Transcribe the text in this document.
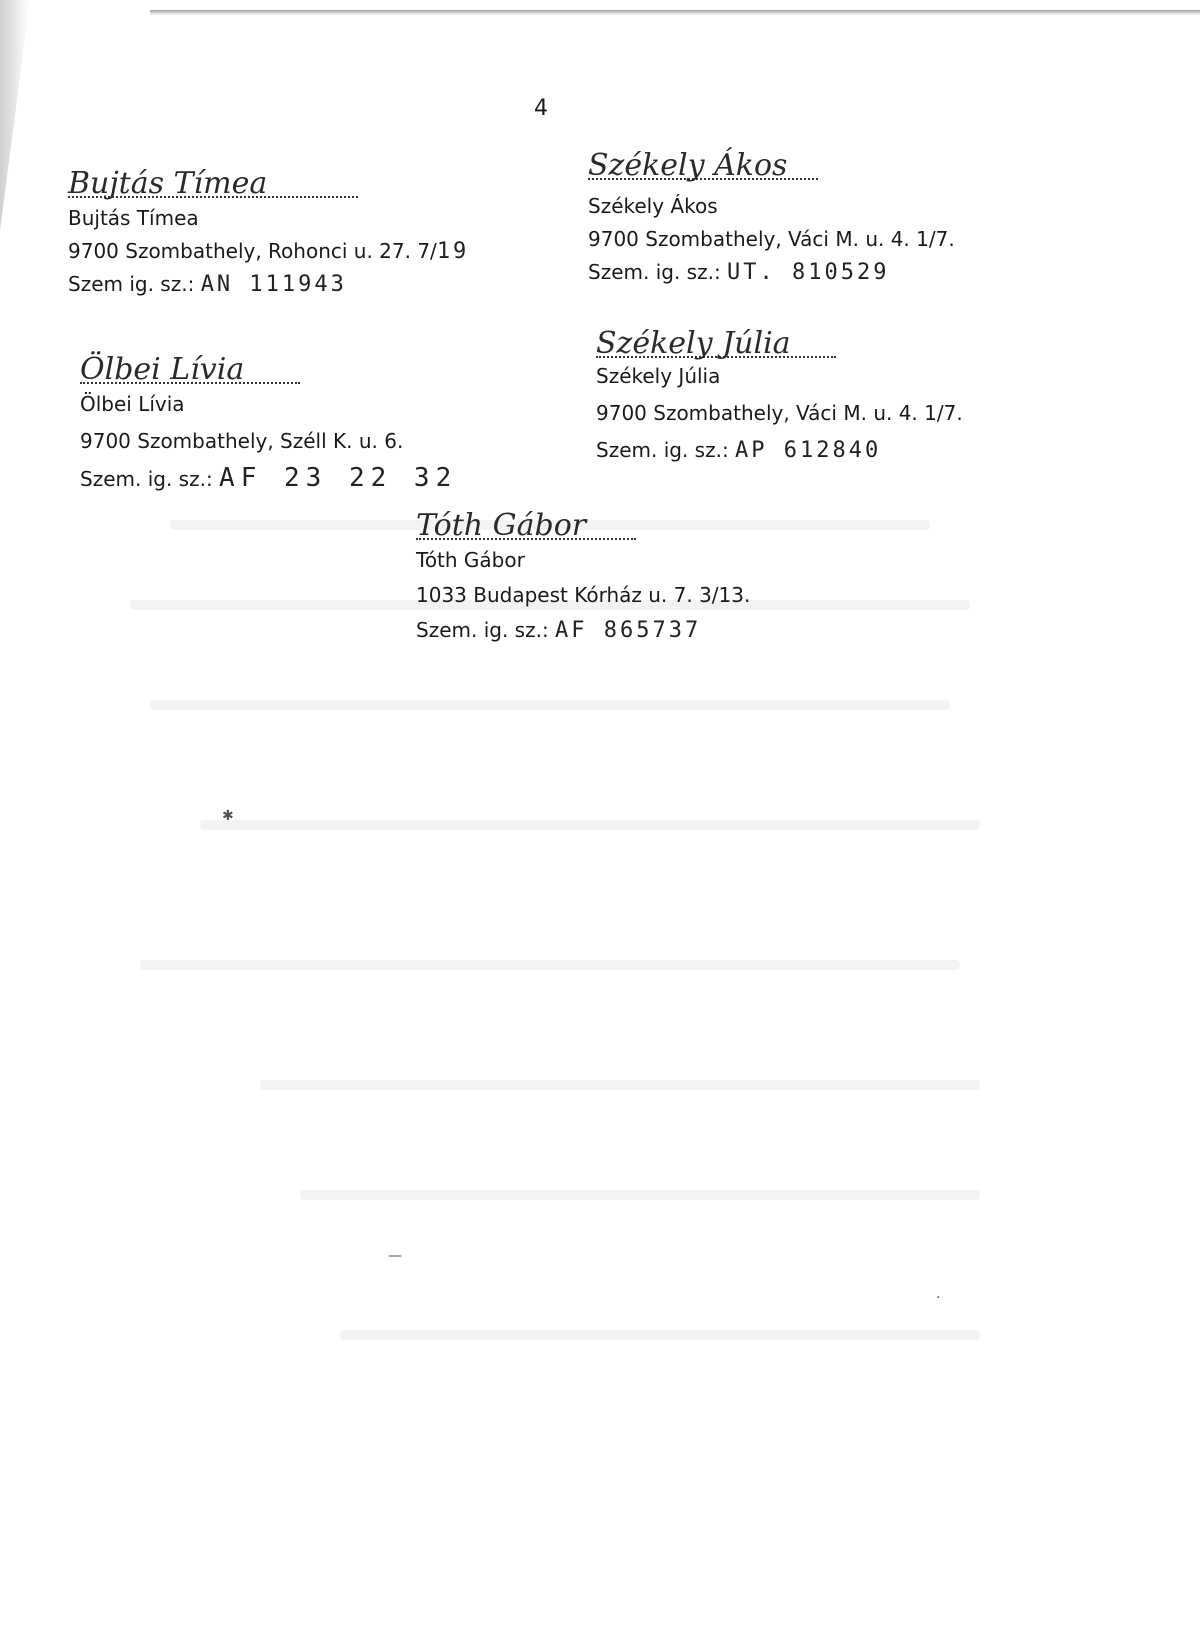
4
Bujtás Tímea
Bujtás Tímea
9700 Szombathely, Rohonci u. 27. 7/19
Szem ig. sz.: AN 111943
Székely Ákos
Székely Ákos
9700 Szombathely, Váci M. u. 4. 1/7.
Szem. ig. sz.: UT. 810529
Ölbei Lívia
Ölbei Lívia
9700 Szombathely, Széll K. u. 6.
Szem. ig. sz.: AF 23 22 32
Székely Júlia
Székely Júlia
9700 Szombathely, Váci M. u. 4. 1/7.
Szem. ig. sz.: AP 612840
Tóth Gábor
Tóth Gábor
1033 Budapest Kórház u. 7. 3/13.
Szem. ig. sz.: AF 865737
✱
—
·
